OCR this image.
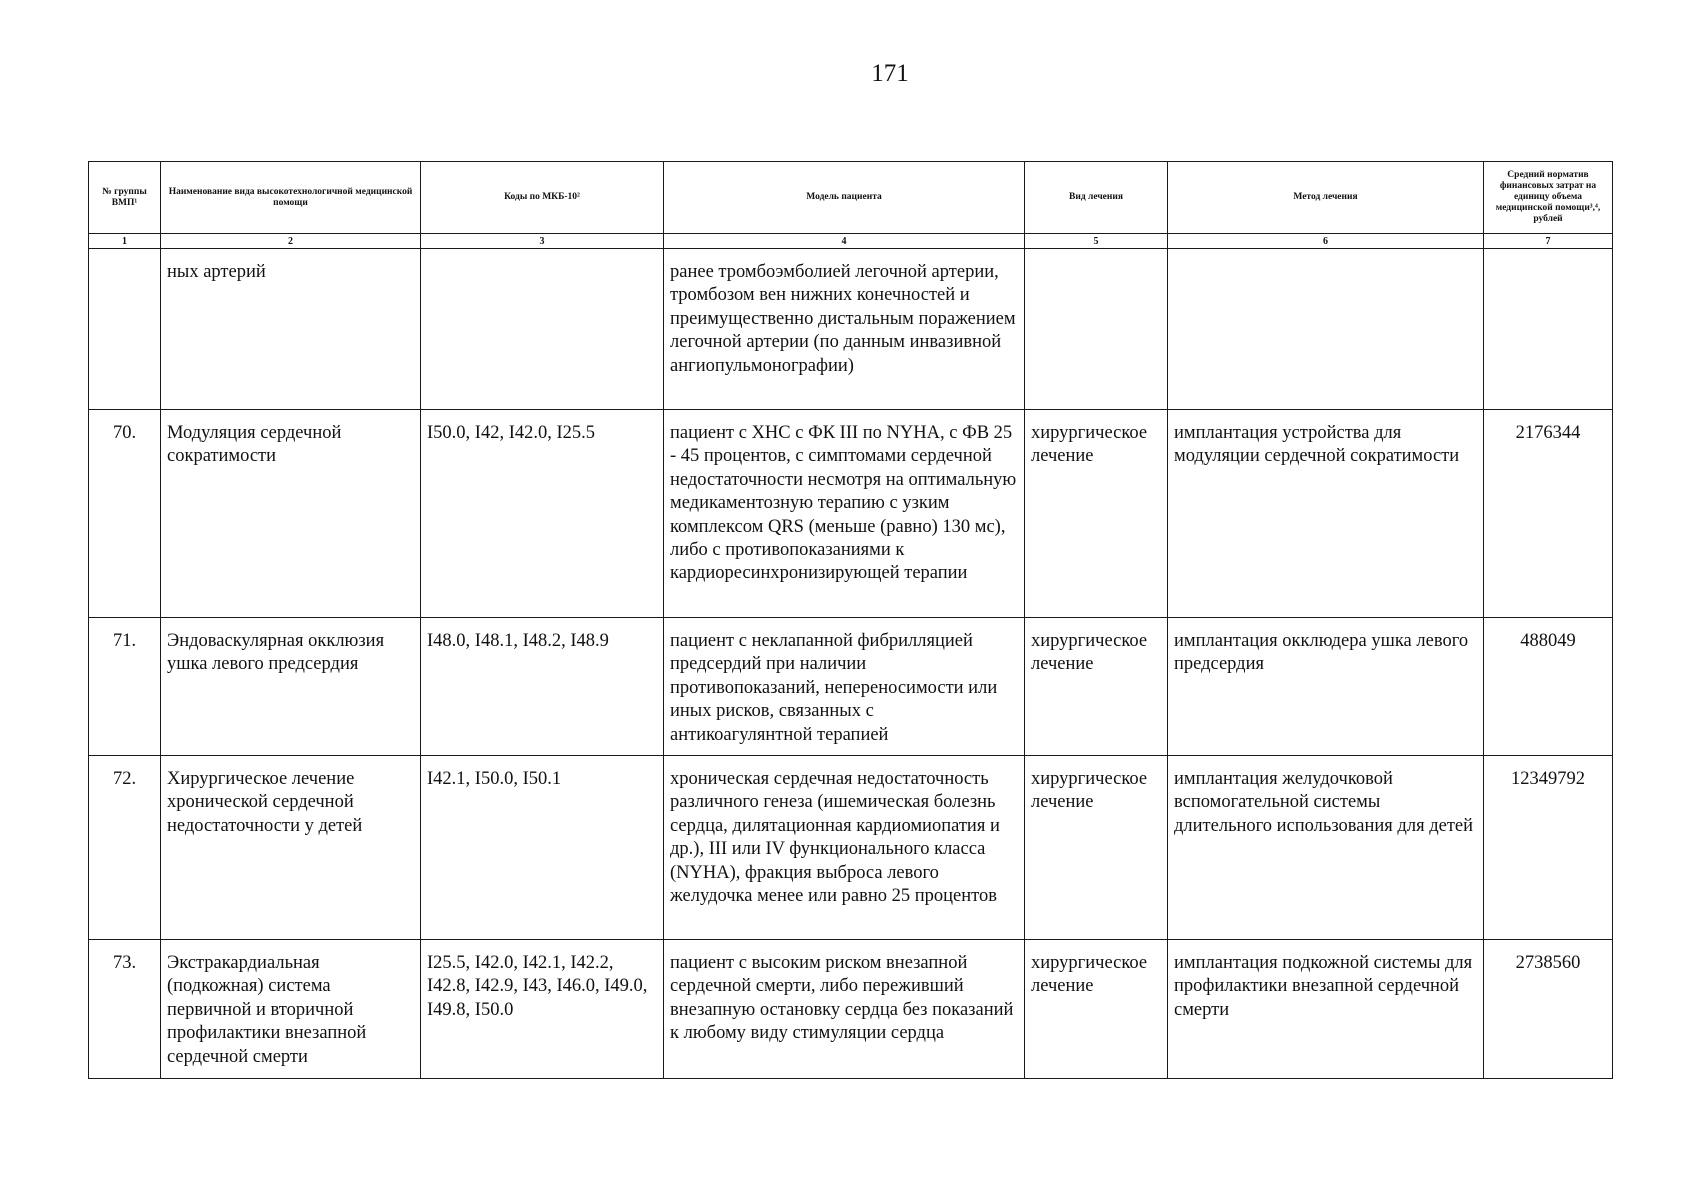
171
№ группы ВМП¹	Наименование вида высокотехнологичной медицинской помощи	Коды по МКБ-10²	Модель пациента	Вид лечения	Метод лечения	Средний норматив финансовых затрат на единицу объема медицинской помощи³,⁴, рублей
1	2	3	4	5	6	7
	ных артерий		ранее тромбоэмболией легочной артерии, тромбозом вен нижних конечностей и преимущественно дистальным поражением легочной артерии (по данным инвазивной ангиопульмонографии)			
70.	Модуляция сердечной сократимости	I50.0, I42, I42.0, I25.5	пациент с ХНС с ФК III по NYHA, с ФВ 25 - 45 процентов, с симптомами сердечной недостаточности несмотря на оптимальную медикаментозную терапию с узким комплексом QRS (меньше (равно) 130 мс), либо с противопоказаниями к кардиоресинхронизирующей терапии	хирургическое лечение	имплантация устройства для модуляции сердечной сократимости	2176344
71.	Эндоваскулярная окклюзия ушка левого предсердия	I48.0, I48.1, I48.2, I48.9	пациент с неклапанной фибрилляцией предсердий при наличии противопоказаний, непереносимости или иных рисков, связанных с антикоагулянтной терапией	хирургическое лечение	имплантация окклюдера ушка левого предсердия	488049
72.	Хирургическое лечение хронической сердечной недостаточности у детей	I42.1, I50.0, I50.1	хроническая сердечная недостаточность различного генеза (ишемическая болезнь сердца, дилятационная кардиомиопатия и др.), III или IV функционального класса (NYHA), фракция выброса левого желудочка менее или равно 25 процентов	хирургическое лечение	имплантация желудочковой вспомогательной системы длительного использования для детей	12349792
73.	Экстракардиальная (подкожная) система первичной и вторичной профилактики внезапной сердечной смерти	I25.5, I42.0, I42.1, I42.2, I42.8, I42.9, I43, I46.0, I49.0, I49.8, I50.0	пациент с высоким риском внезапной сердечной смерти, либо переживший внезапную остановку сердца без показаний к любому виду стимуляции сердца	хирургическое лечение	имплантация подкожной системы для профилактики внезапной сердечной смерти	2738560
